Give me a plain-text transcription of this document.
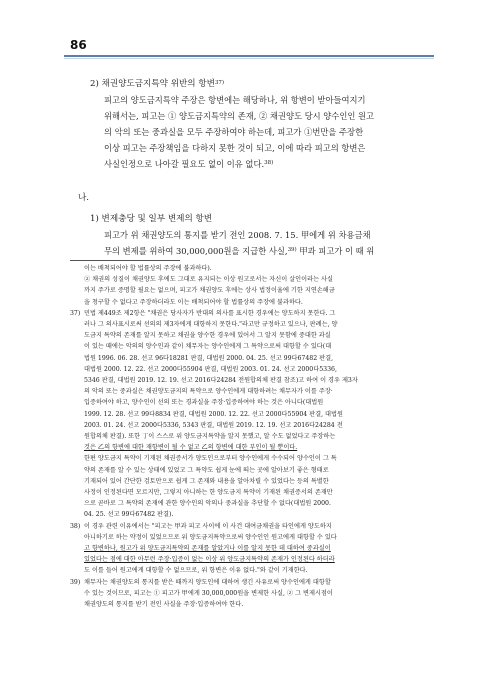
86

2) 채권양도금지특약 위반의 항변$^{37)}$

피고의 양도금지특약 주장은 항변에는 해당하나, 위 항변이 받아들여지기

위해서는, 피고는 ① 양도금지특약의 존재, ② 채권양도 당시 양수인인 원고

의 악의 또는 중과실을 모두 주장하여야 하는데, 피고가 ①번만을 주장한

이상 피고는 주장책임을 다하지 못한 것이 되고, 이에 따라 피고의 항변은

사실인정으로 나아갈 필요도 없이 이유 없다.$^{38)}$

나.

1) 변제충당 및 일부 변제의 항변

피고가 위 채권양도의 통지를 받기 전인 2008. 7. 15. 甲에게 위 차용금채

무의 변제를 위하여 30,000,000원을 지급한 사실,$^{39)}$ 甲과 피고가 이 때 위

이는 배척되어야 할 법률상의 주장에 불과하다).

② 채권의 성질이 채권양도 후에도 그대로 유지되는 이상 원고로서는 자신이 살인이라는 사실

까지 주가로 증명할 필요는 없으며, 피고가 채권양도 후에는 상사 법정이율에 기한 지연손해금

을 청구할 수 없다고 주장하더라도 이는 배척되어야 할 법률상의 주장에 불과하다.

37) 민법 제449조 제2항은 "채권은 당사자가 반대의 의사를 표시한 경우에는 양도하지 못한다. 그

러나 그 의사표시로써 선의의 제3자에게 대항하지 못한다."라고만 규정하고 있으나, 판례는, 양

도금지 특약의 존재를 알지 못하고 채권을 양수한 경우에 있어서 그 알지 못함에 중대한 과실

이 있는 때에는 악의의 양수인과 같이 채무자는 양수인에게 그 특약으로써 대항할 수 있다(대

법원 1996. 06. 28. 선고 96다18281 판결, 대법원 2000. 04. 25. 선고 99다67482 판결,

대법원 2000. 12. 22. 선고 2000다55904 판결, 대법원 2003. 01. 24. 선고 2000다5336,

5346 판결, 대법원 2019. 12. 19. 선고 2016다24284 전원합의체 판결 참조)고 하여 이 경우 제3자

의 악의 또는 중과실은 채권양도금지의 특약으로 양수인에게 대항하려는 채무자가 이를 주장·

입증하여야 하고, 양수인이 선의 또는 경과실을 주장·입증하여야 하는 것은 아니다(대법원

1999. 12. 28. 선고 99다8834 판결, 대법원 2000. 12. 22. 선고 2000다55904 판결, 대법원

2003. 01. 24. 선고 2000다5336, 5343 판결, 대법원 2019. 12. 19. 선고 2016다24284 전

원합의체 판결). 또한 丁이 스스로 위 양도금지특약을 알지 못했고, 알 수도 없었다고 주장하는

것은 乙의 항변에 대한 재항변이 될 수 없고 乙의 항변에 대한 부인이 될 뿐이다.

한편 양도금지 특약이 기재된 채권증서가 양도인으로부터 양수인에게 수수되어 양수인이 그 특

약의 존재를 알 수 있는 상태에 있었고 그 특약도 쉽게 눈에 띄는 곳에 알아보기 좋은 형태로

기재되어 있어 간단한 검토만으로 쉽게 그 존재와 내용을 알아차릴 수 있었다는 등의 특별한

사정이 인정된다면 모르지만, 그렇지 아니하는 한 양도금지 특약이 기재된 채권증서의 존재만

으로 곧바로 그 특약의 존재에 관한 양수인의 악의나 중과실을 추단할 수 없다(대법원 2000.

04. 25. 선고 99다67482 판결).

38) 이 경우 관련 이유에서는 "피고는 甲과 피고 사이에 이 사건 대여금채권을 타인에게 양도하지

아니하기로 하는 약정이 있었으므로 위 양도금지특약으로써 양수인인 원고에게 대항할 수 있다

고 항변하나, 원고가 위 양도금지특약의 존재를 알았거나 이를 알지 못한 데 대하여 중과실이

있었다는 점에 대한 아무런 주장·입증이 없는 이상 위 양도금지특약의 존재가 인정된다 하더라

도 이를 들어 원고에게 대항할 수 없으므로, 위 항변은 이유 없다."와 같이 기재한다.

39) 채무자는 채권양도의 통지를 받은 때까지 양도인에 대하여 생긴 사유로써 양수인에게 대항할

수 있는 것이므로, 피고는 ① 피고가 甲에게 30,000,000원을 변제한 사실, ② 그 변제시점이

채권양도의 통지를 받기 전인 사실을 주장·입증하여야 한다.
